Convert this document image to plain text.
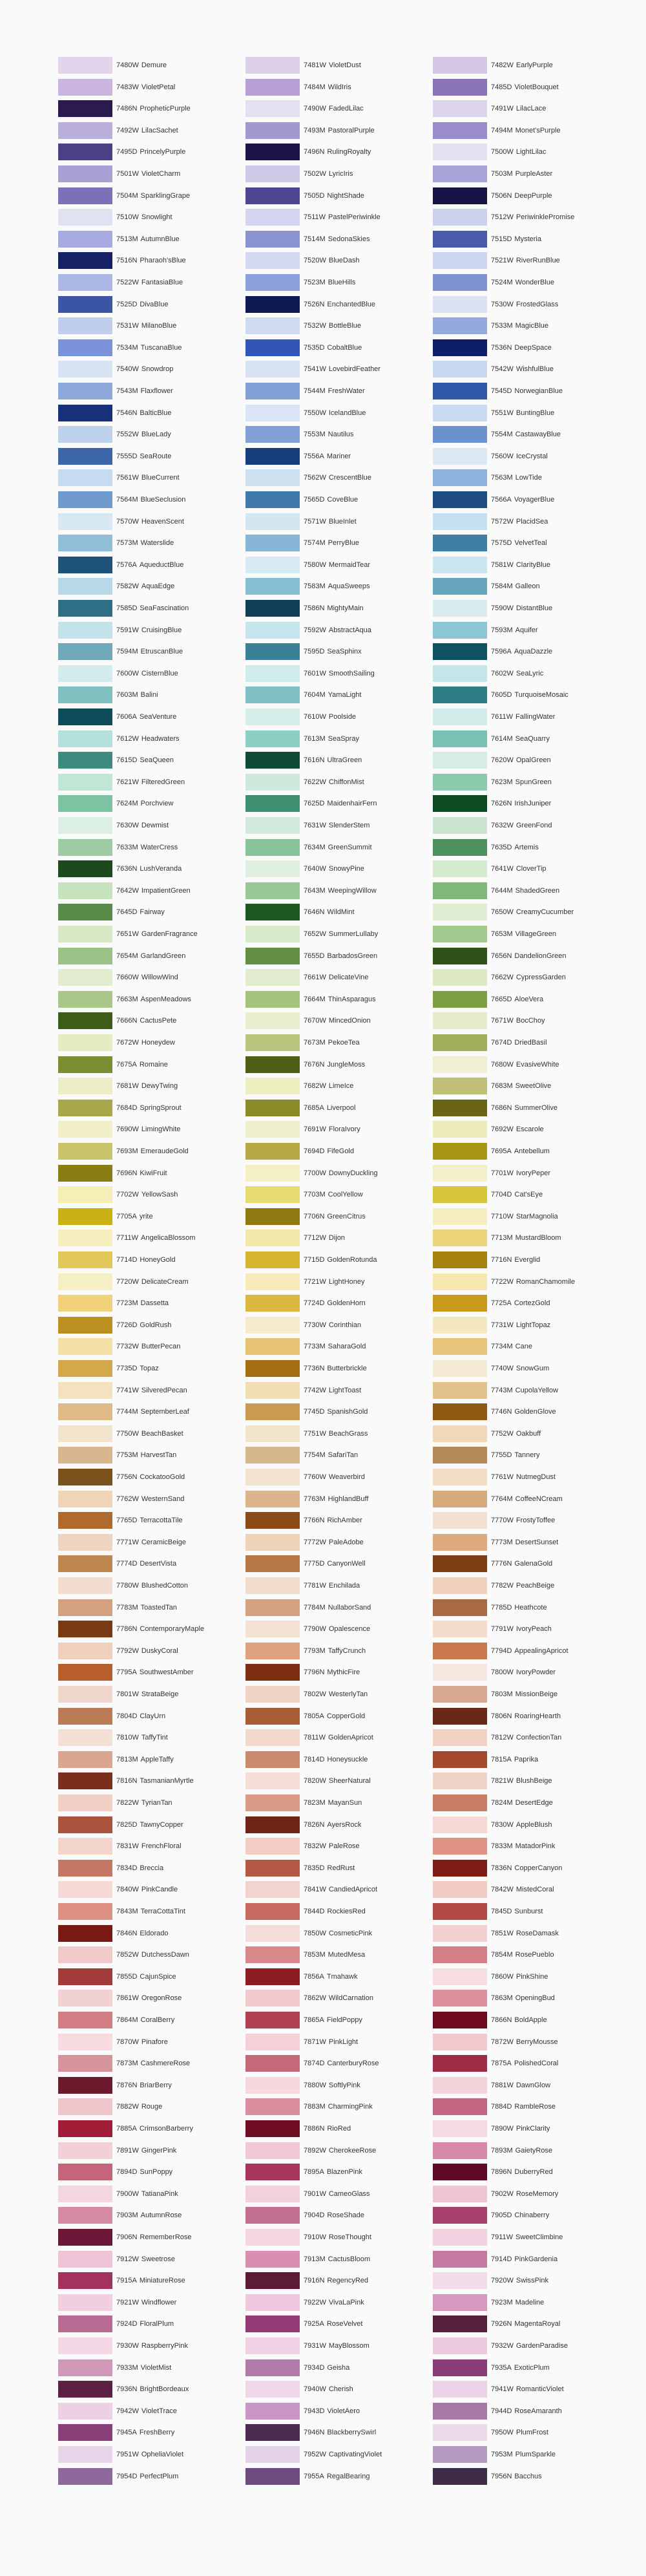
7480W Demure
7483W VioletPetal
7486N PropheticPurple
7492W LilacSachet
7495D PrincelyPurple
7501W VioletCharm
7504M SparklingGrape
7510W Snowlight
7513M AutumnBlue
7516N Pharaoh'sBlue
7522W FantasiaBlue
7525D DivaBlue
7531W MilanoBlue
7534M TuscanaBlue
7540W Snowdrop
7543M Flaxflower
7546N BalticBlue
7552W BlueLady
7555D SeaRoute
7561W BlueCurrent
7564M BlueSeclusion
7570W HeavenScent
7573M Waterslide
7576A AqueductBlue
7582W AquaEdge
7585D SeaFascination
7591W CruisingBlue
7594M EtruscanBlue
7600W CisternBlue
7603M Balini
7606A SeaVenture
7612W Headwaters
7615D SeaQueen
7621W FilteredGreen
7624M Porchview
7630W Dewmist
7633M WaterCress
7636N LushVeranda
7642W ImpatientGreen
7645D Fairway
7651W GardenFragrance
7654M GarlandGreen
7660W WillowWind
7663M AspenMeadows
7666N CactusPete
7672W Honeydew
7675A Romaine
7681W DewyTwing
7684D SpringSprout
7690W LimingWhite
7693M EmeraudeGold
7696N KiwiFruit
7702W YellowSash
7705A yrite
7711W AngelicaBlossom
7714D HoneyGold
7720W DelicateCream
7723M Dassetta
7726D GoldRush
7732W ButterPecan
7735D Topaz
7741W SilveredPecan
7744M SeptemberLeaf
7750W BeachBasket
7753M HarvestTan
7756N CockatooGold
7762W WesternSand
7765D TerracottaTile
7771W CeramicBeige
7774D DesertVista
7780W BlushedCotton
7783M ToastedTan
7786N ContemporaryMaple
7792W DuskyCoral
7795A SouthwestAmber
7801W StrataBeige
7804D ClayUrn
7810W TaffyTint
7813M AppleTaffy
7816N TasmanianMyrtle
7822W TyrianTan
7825D TawnyCopper
7831W FrenchFloral
7834D Breccia
7840W PinkCandle
7843M TerraCottaTint
7846N Eldorado
7852W DutchessDawn
7855D CajunSpice
7861W OregonRose
7864M CoralBerry
7870W Pinafore
7873M CashmereRose
7876N BriarBerry
7882W Rouge
7885A CrimsonBarberry
7891W GingerPink
7894D SunPoppy
7900W TatianaPink
7903M AutumnRose
7906N RememberRose
7912W Sweetrose
7915A MiniatureRose
7921W Windflower
7924D FloralPlum
7930W RaspberryPink
7933M VioletMist
7936N BrightBordeaux
7942W VioletTrace
7945A FreshBerry
7951W OpheliaViolet
7954D PerfectPlum
7481W VioletDust
7484M WildIris
7490W FadedLilac
7493M PastoralPurple
7496N RulingRoyalty
7502W LyricIris
7505D NightShade
7511W PastelPeriwinkle
7514M SedonaSkies
7520W BlueDash
7523M BlueHills
7526N EnchantedBlue
7532W BottleBlue
7535D CobaltBlue
7541W LovebirdFeather
7544M FreshWater
7550W IcelandBlue
7553M Nautilus
7556A Mariner
7562W CrescentBlue
7565D CoveBlue
7571W BlueInlet
7574M PerryBlue
7580W MermaidTear
7583M AquaSweeps
7586N MightyMain
7592W AbstractAqua
7595D SeaSphinx
7601W SmoothSailing
7604M YamaLight
7610W Poolside
7613M SeaSpray
7616N UltraGreen
7622W ChiffonMist
7625D MaidenhairFern
7631W SlenderStem
7634M GreenSummit
7640W SnowyPine
7643M WeepingWillow
7646N WildMint
7652W SummerLullaby
7655D BarbadosGreen
7661W DelicateVine
7664M ThinAsparagus
7670W MincedOnion
7673M PekoeTea
7676N JungleMoss
7682W LimeIce
7685A Liverpool
7691W FloraIvory
7694D FifeGold
7700W DownyDuckling
7703M CoolYellow
7706N GreenCitrus
7712W Dijon
7715D GoldenRotunda
7721W LightHoney
7724D GoldenHorn
7730W Corinthian
7733M SaharaGold
7736N Butterbrickle
7742W LightToast
7745D SpanishGold
7751W BeachGrass
7754M SafariTan
7760W Weaverbird
7763M HighlandBuff
7766N RichAmber
7772W PaleAdobe
7775D CanyonWell
7781W Enchilada
7784M NullaborSand
7790W Opalescence
7793M TaffyCrunch
7796N MythicFire
7802W WesterlyTan
7805A CopperGold
7811W GoldenApricot
7814D Honeysuckle
7820W SheerNatural
7823M MayanSun
7826N AyersRock
7832W PaleRose
7835D RedRust
7841W CandiedApricot
7844D RockiesRed
7850W CosmeticPink
7853M MutedMesa
7856A Tmahawk
7862W WildCarnation
7865A FieldPoppy
7871W PinkLight
7874D CanterburyRose
7880W SoftlyPink
7883M CharmingPink
7886N RioRed
7892W CherokeeRose
7895A BlazenPink
7901W CameoGlass
7904D RoseShade
7910W RoseThought
7913M CactusBloom
7916N RegencyRed
7922W VivaLaPink
7925A RoseVelvet
7931W MayBlossom
7934D Geisha
7940W Cherish
7943D VioletAero
7946N BlackberrySwirl
7952W CaptivatingViolet
7955A RegalBearing
7482W EarlyPurple
7485D VioletBouquet
7491W LilacLace
7494M Monet'sPurple
7500W LightLilac
7503M PurpleAster
7506N DeepPurple
7512W PeriwinklePromise
7515D Mysteria
7521W RiverRunBlue
7524M WonderBlue
7530W FrostedGlass
7533M MagicBlue
7536N DeepSpace
7542W WishfulBlue
7545D NorwegianBlue
7551W BuntingBlue
7554M CastawayBlue
7560W IceCrystal
7563M LowTide
7566A VoyagerBlue
7572W PlacidSea
7575D VelvetTeal
7581W ClarityBlue
7584M Galleon
7590W DistantBlue
7593M Aquifer
7596A AquaDazzle
7602W SeaLyric
7605D TurquoiseMosaic
7611W FallingWater
7614M SeaQuarry
7620W OpalGreen
7623M SpunGreen
7626N IrishJuniper
7632W GreenFond
7635D Artemis
7641W CloverTip
7644M ShadedGreen
7650W CreamyCucumber
7653M VillageGreen
7656N DandelionGreen
7662W CypressGarden
7665D AloeVera
7671W BocChoy
7674D DriedBasil
7680W EvasiveWhite
7683M SweetOlive
7686N SummerOlive
7692W Escarole
7695A Antebellum
7701W IvoryPeper
7704D Cat'sEye
7710W StarMagnolia
7713M MustardBloom
7716N Everglid
7722W RomanChamomile
7725A CortezGold
7731W LightTopaz
7734M Cane
7740W SnowGum
7743M CupolaYellow
7746N GoldenGlove
7752W Oakbuff
7755D Tannery
7761W NutmegDust
7764M CoffeeNCream
7770W FrostyToffee
7773M DesertSunset
7776N GalenaGold
7782W PeachBeige
7785D Heathcote
7791W IvoryPeach
7794D AppealingApricot
7800W IvoryPowder
7803M MissionBeige
7806N RoaringHearth
7812W ConfectionTan
7815A Paprika
7821W BlushBeige
7824M DesertEdge
7830W AppleBlush
7833M MatadorPink
7836N CopperCanyon
7842W MistedCoral
7845D Sunburst
7851W RoseDamask
7854M RosePueblo
7860W PinkShine
7863M OpeningBud
7866N BoldApple
7872W BerryMousse
7875A PolishedCoral
7881W DawnGlow
7884D RambleRose
7890W PinkClarity
7893M GaietyRose
7896N DuberryRed
7902W RoseMemory
7905D Chinaberry
7911W SweetClimbine
7914D PinkGardenia
7920W SwissPink
7923M Madeline
7926N MagentaRoyal
7932W GardenParadise
7935A ExoticPlum
7941W RomanticViolet
7944D RoseAmaranth
7950W PlumFrost
7953M PlumSparkle
7956N Bacchus
